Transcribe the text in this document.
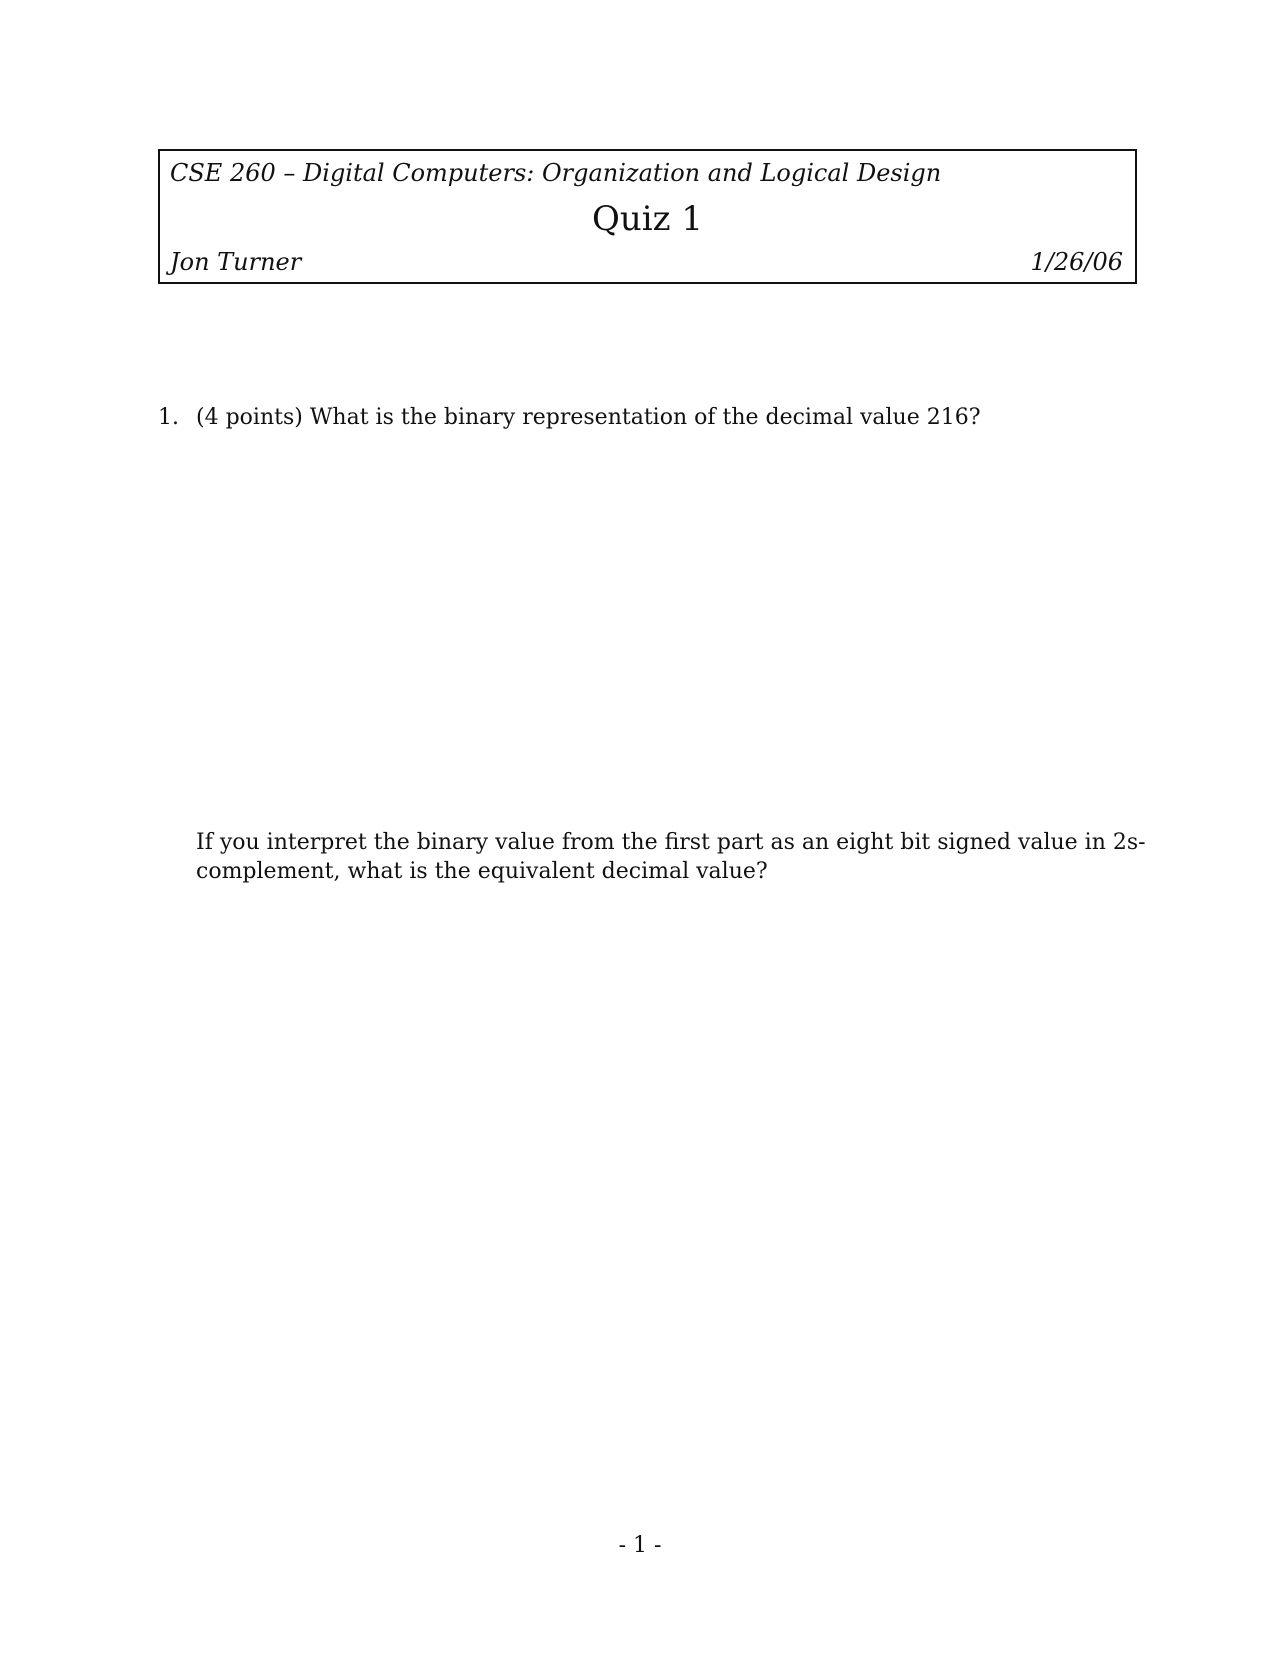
CSE 260 – Digital Computers: Organization and Logical Design
Quiz 1
Jon Turner	1/26/06
1. (4 points) What is the binary representation of the decimal value 216?
If you interpret the binary value from the first part as an eight bit signed value in 2s-
complement, what is the equivalent decimal value?
- 1 -
